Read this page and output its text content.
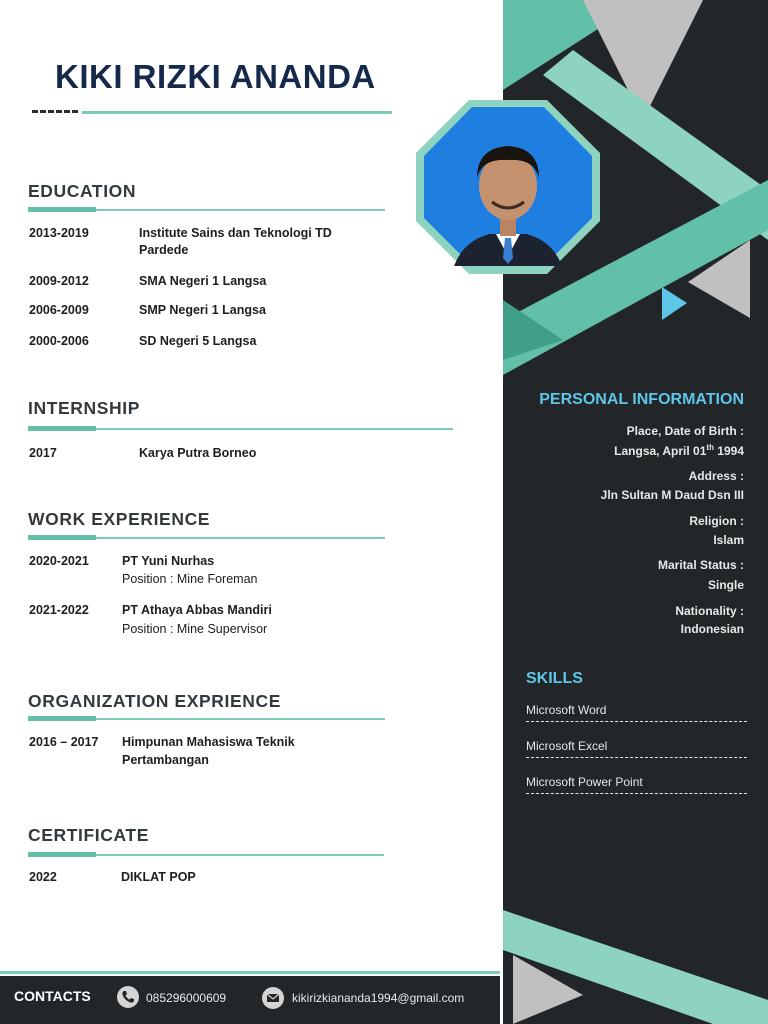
KIKI RIZKI ANANDA
EDUCATION
2013-2019	Institute Sains dan Teknologi TD
Pardede
2009-2012	SMA Negeri 1 Langsa
2006-2009	SMP Negeri 1 Langsa
2000-2006	SD Negeri 5 Langsa
INTERNSHIP
2017	Karya Putra Borneo
WORK EXPERIENCE
2020-2021	PT Yuni Nurhas
Position : Mine Foreman
2021-2022	PT Athaya Abbas Mandiri
Position : Mine Supervisor
ORGANIZATION EXPRIENCE
2016 – 2017 Himpunan Mahasiswa Teknik
Pertambangan
CERTIFICATE
2022	DIKLAT POP
PERSONAL INFORMATION
Place, Date of Birth :
Langsa, April 01th 1994
Address :
Jln Sultan M Daud Dsn III
Religion :
Islam
Marital Status :
Single
Nationality :
Indonesian
SKILLS
Microsoft Word
Microsoft Excel
Microsoft Power Point
CONTACTS	085296000609	kikirizkiananda1994@gmail.com
